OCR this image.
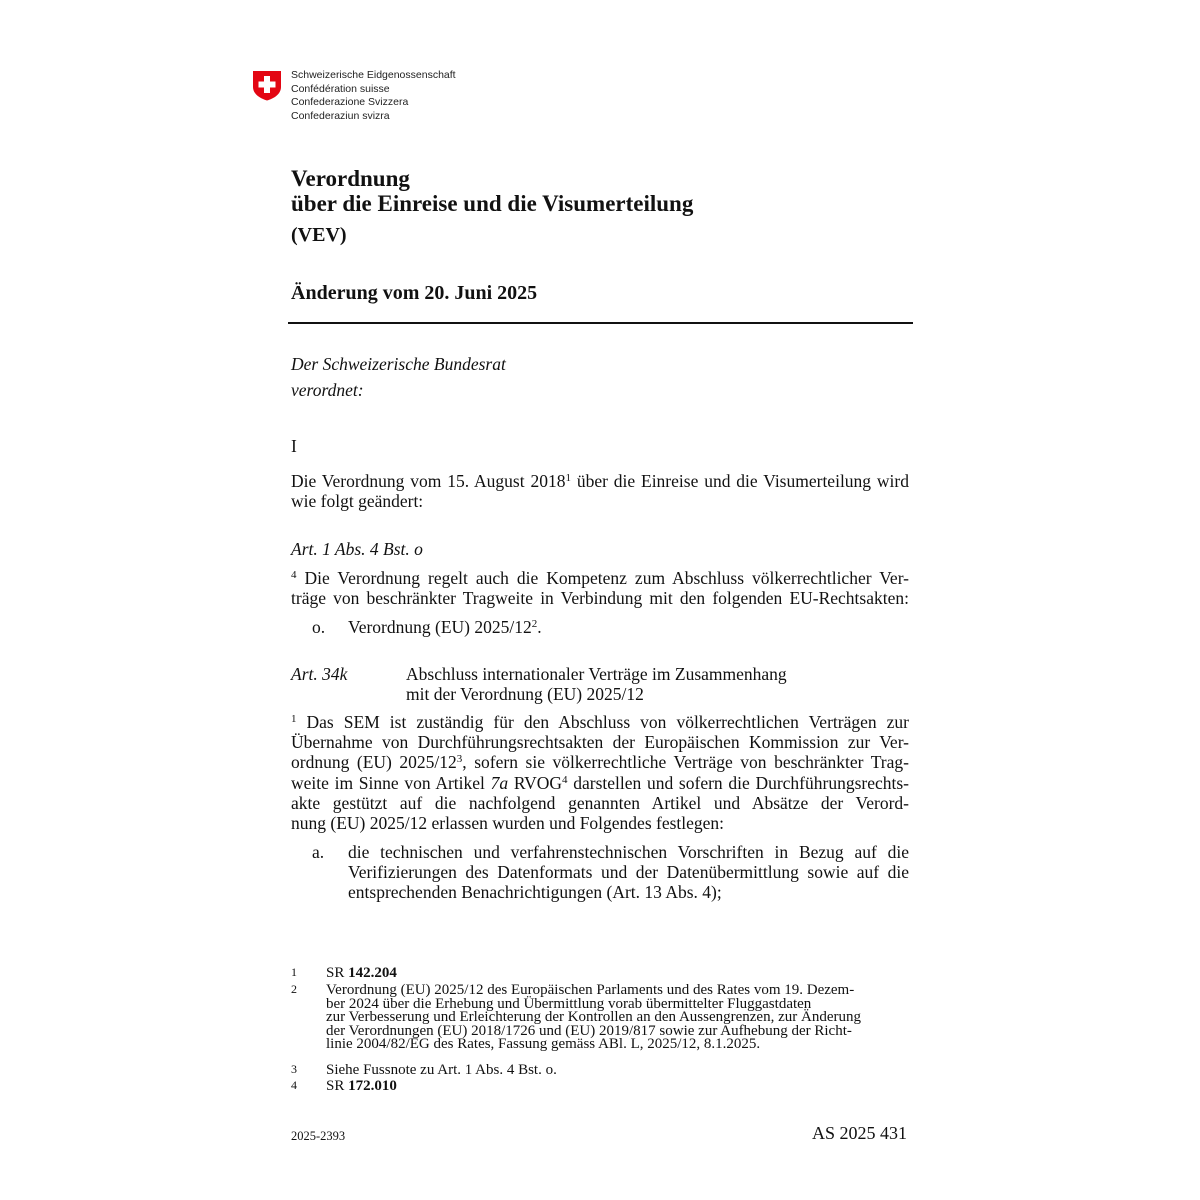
Schweizerische Eidgenossenschaft
Confédération suisse
Confederazione Svizzera
Confederaziun svizra
Verordnung
über die Einreise und die Visumerteilung
(VEV)
Änderung vom 20. Juni 2025
Der Schweizerische Bundesrat
verordnet:
I
Die Verordnung vom 15. August 2018$^1$ über die Einreise und die Visumerteilung wird
wie folgt geändert:
Art. 1 Abs. 4 Bst. o
$^4$ Die Verordnung regelt auch die Kompetenz zum Abschluss völkerrechtlicher Ver-
träge von beschränkter Tragweite in Verbindung mit den folgenden EU-Rechtsakten:
o. Verordnung (EU) 2025/12$^2$.
Art. 34k	Abschluss internationaler Verträge im Zusammenhang
mit der Verordnung (EU) 2025/12
$^1$ Das SEM ist zuständig für den Abschluss von völkerrechtlichen Verträgen zur
Übernahme von Durchführungsrechtsakten der Europäischen Kommission zur Ver-
ordnung (EU) 2025/12$^3$, sofern sie völkerrechtliche Verträge von beschränkter Trag-
weite im Sinne von Artikel 7a RVOG$^4$ darstellen und sofern die Durchführungsrechts-
akte gestützt auf die nachfolgend genannten Artikel und Absätze der Verord-
nung (EU) 2025/12 erlassen wurden und Folgendes festlegen:
a. die technischen und verfahrenstechnischen Vorschriften in Bezug auf die
Verifizierungen des Datenformats und der Datenübermittlung sowie auf die
entsprechenden Benachrichtigungen (Art. 13 Abs. 4);
1 SR 142.204
2 Verordnung (EU) 2025/12 des Europäischen Parlaments und des Rates vom 19. Dezem-
ber 2024 über die Erhebung und Übermittlung vorab übermittelter Fluggastdaten
zur Verbesserung und Erleichterung der Kontrollen an den Aussengrenzen, zur Änderung
der Verordnungen (EU) 2018/1726 und (EU) 2019/817 sowie zur Aufhebung der Richt-
linie 2004/82/EG des Rates, Fassung gemäss ABl. L, 2025/12, 8.1.2025.
3 Siehe Fussnote zu Art. 1 Abs. 4 Bst. o.
4 SR 172.010
2025-2393	AS 2025 431
